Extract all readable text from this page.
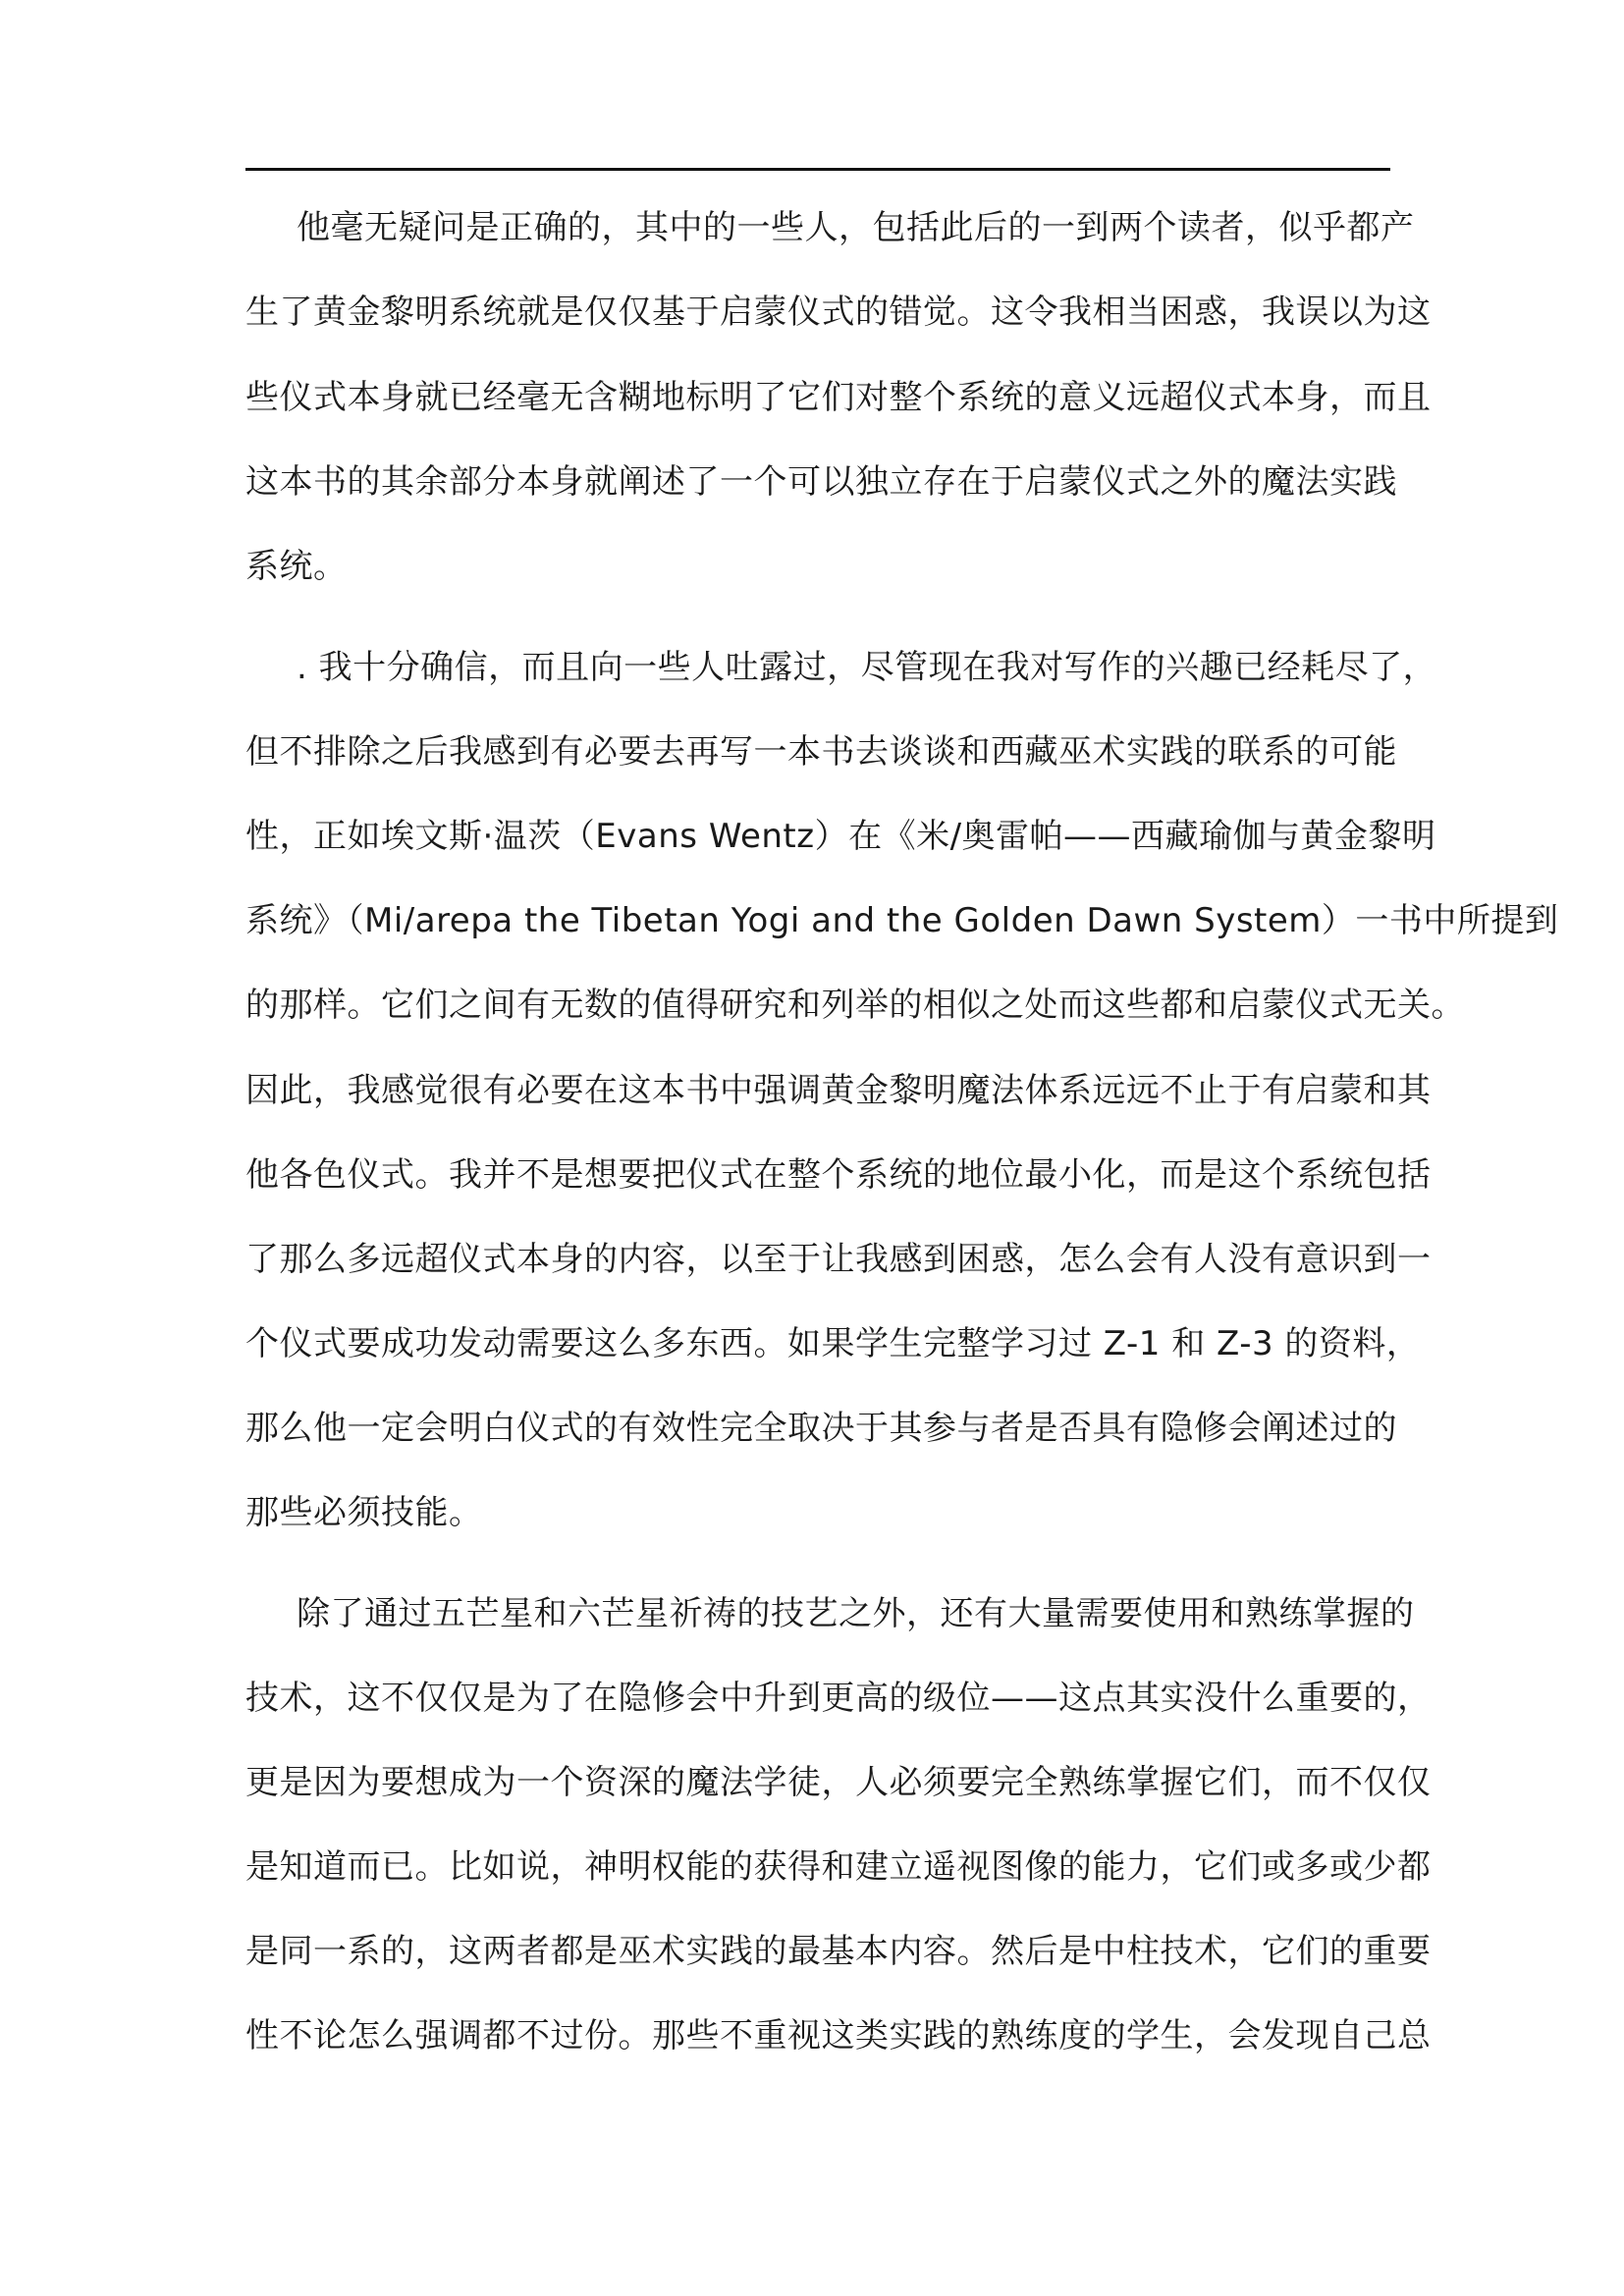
他毫无疑问是正确的，其中的一些人，包括此后的一到两个读者，似乎都产
生了黄金黎明系统就是仅仅基于启蒙仪式的错觉。这令我相当困惑，我误以为这
些仪式本身就已经毫无含糊地标明了它们对整个系统的意义远超仪式本身，而且
这本书的其余部分本身就阐述了一个可以独立存在于启蒙仪式之外的魔法实践
系统。
. 我十分确信，而且向一些人吐露过，尽管现在我对写作的兴趣已经耗尽了，
但不排除之后我感到有必要去再写一本书去谈谈和西藏巫术实践的联系的可能
性，正如埃文斯·温茨（Evans Wentz）在《米/奥雷帕——西藏瑜伽与黄金黎明
系统》（Mi/arepa the Tibetan Yogi and the Golden Dawn System）一书中所提到
的那样。它们之间有无数的值得研究和列举的相似之处而这些都和启蒙仪式无关。
因此，我感觉很有必要在这本书中强调黄金黎明魔法体系远远不止于有启蒙和其
他各色仪式。我并不是想要把仪式在整个系统的地位最小化，而是这个系统包括
了那么多远超仪式本身的内容，以至于让我感到困惑，怎么会有人没有意识到一
个仪式要成功发动需要这么多东西。如果学生完整学习过 Z-1 和 Z-3 的资料，
那么他一定会明白仪式的有效性完全取决于其参与者是否具有隐修会阐述过的
那些必须技能。
除了通过五芒星和六芒星祈祷的技艺之外，还有大量需要使用和熟练掌握的
技术，这不仅仅是为了在隐修会中升到更高的级位——这点其实没什么重要的，
更是因为要想成为一个资深的魔法学徒，人必须要完全熟练掌握它们，而不仅仅
是知道而已。比如说，神明权能的获得和建立遥视图像的能力，它们或多或少都
是同一系的，这两者都是巫术实践的最基本内容。然后是中柱技术，它们的重要
性不论怎么强调都不过份。那些不重视这类实践的熟练度的学生，会发现自己总
